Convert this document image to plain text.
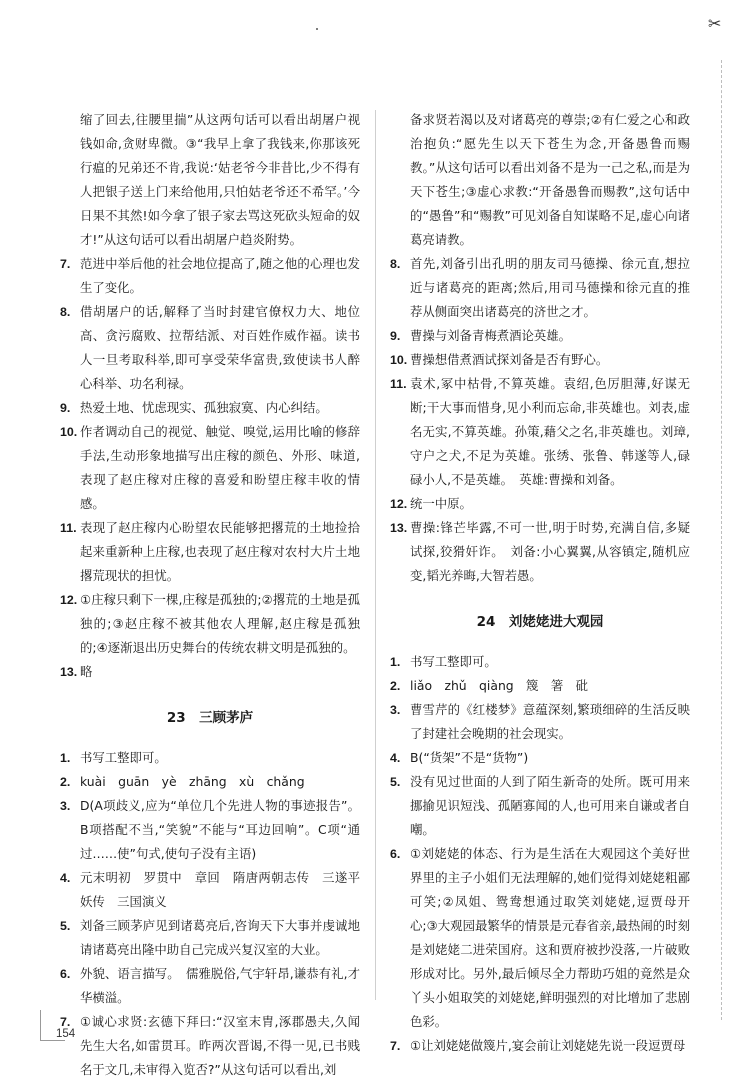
✂

缩了回去,往腰里揣”从这两句话可以看出胡屠户视钱如命,贪财卑微。③“我早上拿了我钱来,你那该死行瘟的兄弟还不肯,我说:‘姑老爷今非昔比,少不得有人把银子送上门来给他用,只怕姑老爷还不希罕。’今日果不其然!如今拿了银子家去骂这死砍头短命的奴才!”从这句话可以看出胡屠户趋炎附势。

7. 范进中举后他的社会地位提高了,随之他的心理也发生了变化。

8. 借胡屠户的话,解释了当时封建官僚权力大、地位高、贪污腐败、拉帮结派、对百姓作威作福。读书人一旦考取科举,即可享受荣华富贵,致使读书人醉心科举、功名利禄。

9. 热爱土地、忧虑现实、孤独寂寞、内心纠结。

10. 作者调动自己的视觉、触觉、嗅觉,运用比喻的修辞手法,生动形象地描写出庄稼的颜色、外形、味道,表现了赵庄稼对庄稼的喜爱和盼望庄稼丰收的情感。

11. 表现了赵庄稼内心盼望农民能够把撂荒的土地捡拾起来重新种上庄稼,也表现了赵庄稼对农村大片土地撂荒现状的担忧。

12. ①庄稼只剩下一棵,庄稼是孤独的;②撂荒的土地是孤独的;③赵庄稼不被其他农人理解,赵庄稼是孤独的;④逐渐退出历史舞台的传统农耕文明是孤独的。

13. 略

23　三顾茅庐

1. 书写工整即可。

2. kuài　guān　yè　zhāng　xù　chǎng

3. D(A项歧义,应为“单位几个先进人物的事迹报告”。B项搭配不当,“笑貌”不能与“耳边回响”。C项“通过……使”句式,使句子没有主语)

4. 元末明初　罗贯中　章回　隋唐两朝志传　三遂平妖传　三国演义

5. 刘备三顾茅庐见到诸葛亮后,咨询天下大事并虔诚地请诸葛亮出隆中助自己完成兴复汉室的大业。

6. 外貌、语言描写。　儒雅脱俗,气宇轩昂,谦恭有礼,才华横溢。

7. ①诚心求贤:玄德下拜曰:“汉室末胄,涿郡愚夫,久闻先生大名,如雷贯耳。昨两次晋谒,不得一见,已书贱名于文几,未审得入览否?”从这句话可以看出,刘

备求贤若渴以及对诸葛亮的尊崇;②有仁爱之心和政治抱负:“愿先生以天下苍生为念,开备愚鲁而赐教。”从这句话可以看出刘备不是为一己之私,而是为天下苍生;③虚心求教:“开备愚鲁而赐教”,这句话中的“愚鲁”和“赐教”可见刘备自知谋略不足,虚心向诸葛亮请教。

8. 首先,刘备引出孔明的朋友司马德操、徐元直,想拉近与诸葛亮的距离;然后,用司马德操和徐元直的推荐从侧面突出诸葛亮的济世之才。

9. 曹操与刘备青梅煮酒论英雄。

10. 曹操想借煮酒试探刘备是否有野心。

11. 袁术,冢中枯骨,不算英雄。袁绍,色厉胆薄,好谋无断;干大事而惜身,见小利而忘命,非英雄也。刘表,虚名无实,不算英雄。孙策,藉父之名,非英雄也。刘璋,守户之犬,不足为英雄。张绣、张鲁、韩遂等人,碌碌小人,不是英雄。　英雄:曹操和刘备。

12. 统一中原。

13. 曹操:锋芒毕露,不可一世,明于时势,充满自信,多疑试探,狡猾奸诈。　刘备:小心翼翼,从容镇定,随机应变,韬光养晦,大智若愚。

24　刘姥姥进大观园

1. 书写工整即可。

2. liǎo　zhǔ　qiàng　篾　箸　砒

3. 曹雪芹的《红楼梦》意蕴深刻,繁琐细碎的生活反映了封建社会晚期的社会现实。

4. B(“货架”不是“货物”)

5. 没有见过世面的人到了陌生新奇的处所。既可用来挪揄见识短浅、孤陋寡闻的人,也可用来自谦或者自嘲。

6. ①刘姥姥的体态、行为是生活在大观园这个美好世界里的主子小姐们无法理解的,她们觉得刘姥姥粗鄙可笑;②凤姐、鸳鸯想通过取笑刘姥姥,逗贾母开心;③大观园最繁华的情景是元春省亲,最热闹的时刻是刘姥姥二进荣国府。这和贾府被抄没落,一片破败形成对比。另外,最后倾尽全力帮助巧姐的竟然是众丫头小姐取笑的刘姥姥,鲜明强烈的对比增加了悲剧色彩。

7. ①让刘姥姥做篾片,宴会前让刘姥姥先说一段逗贾母

154
